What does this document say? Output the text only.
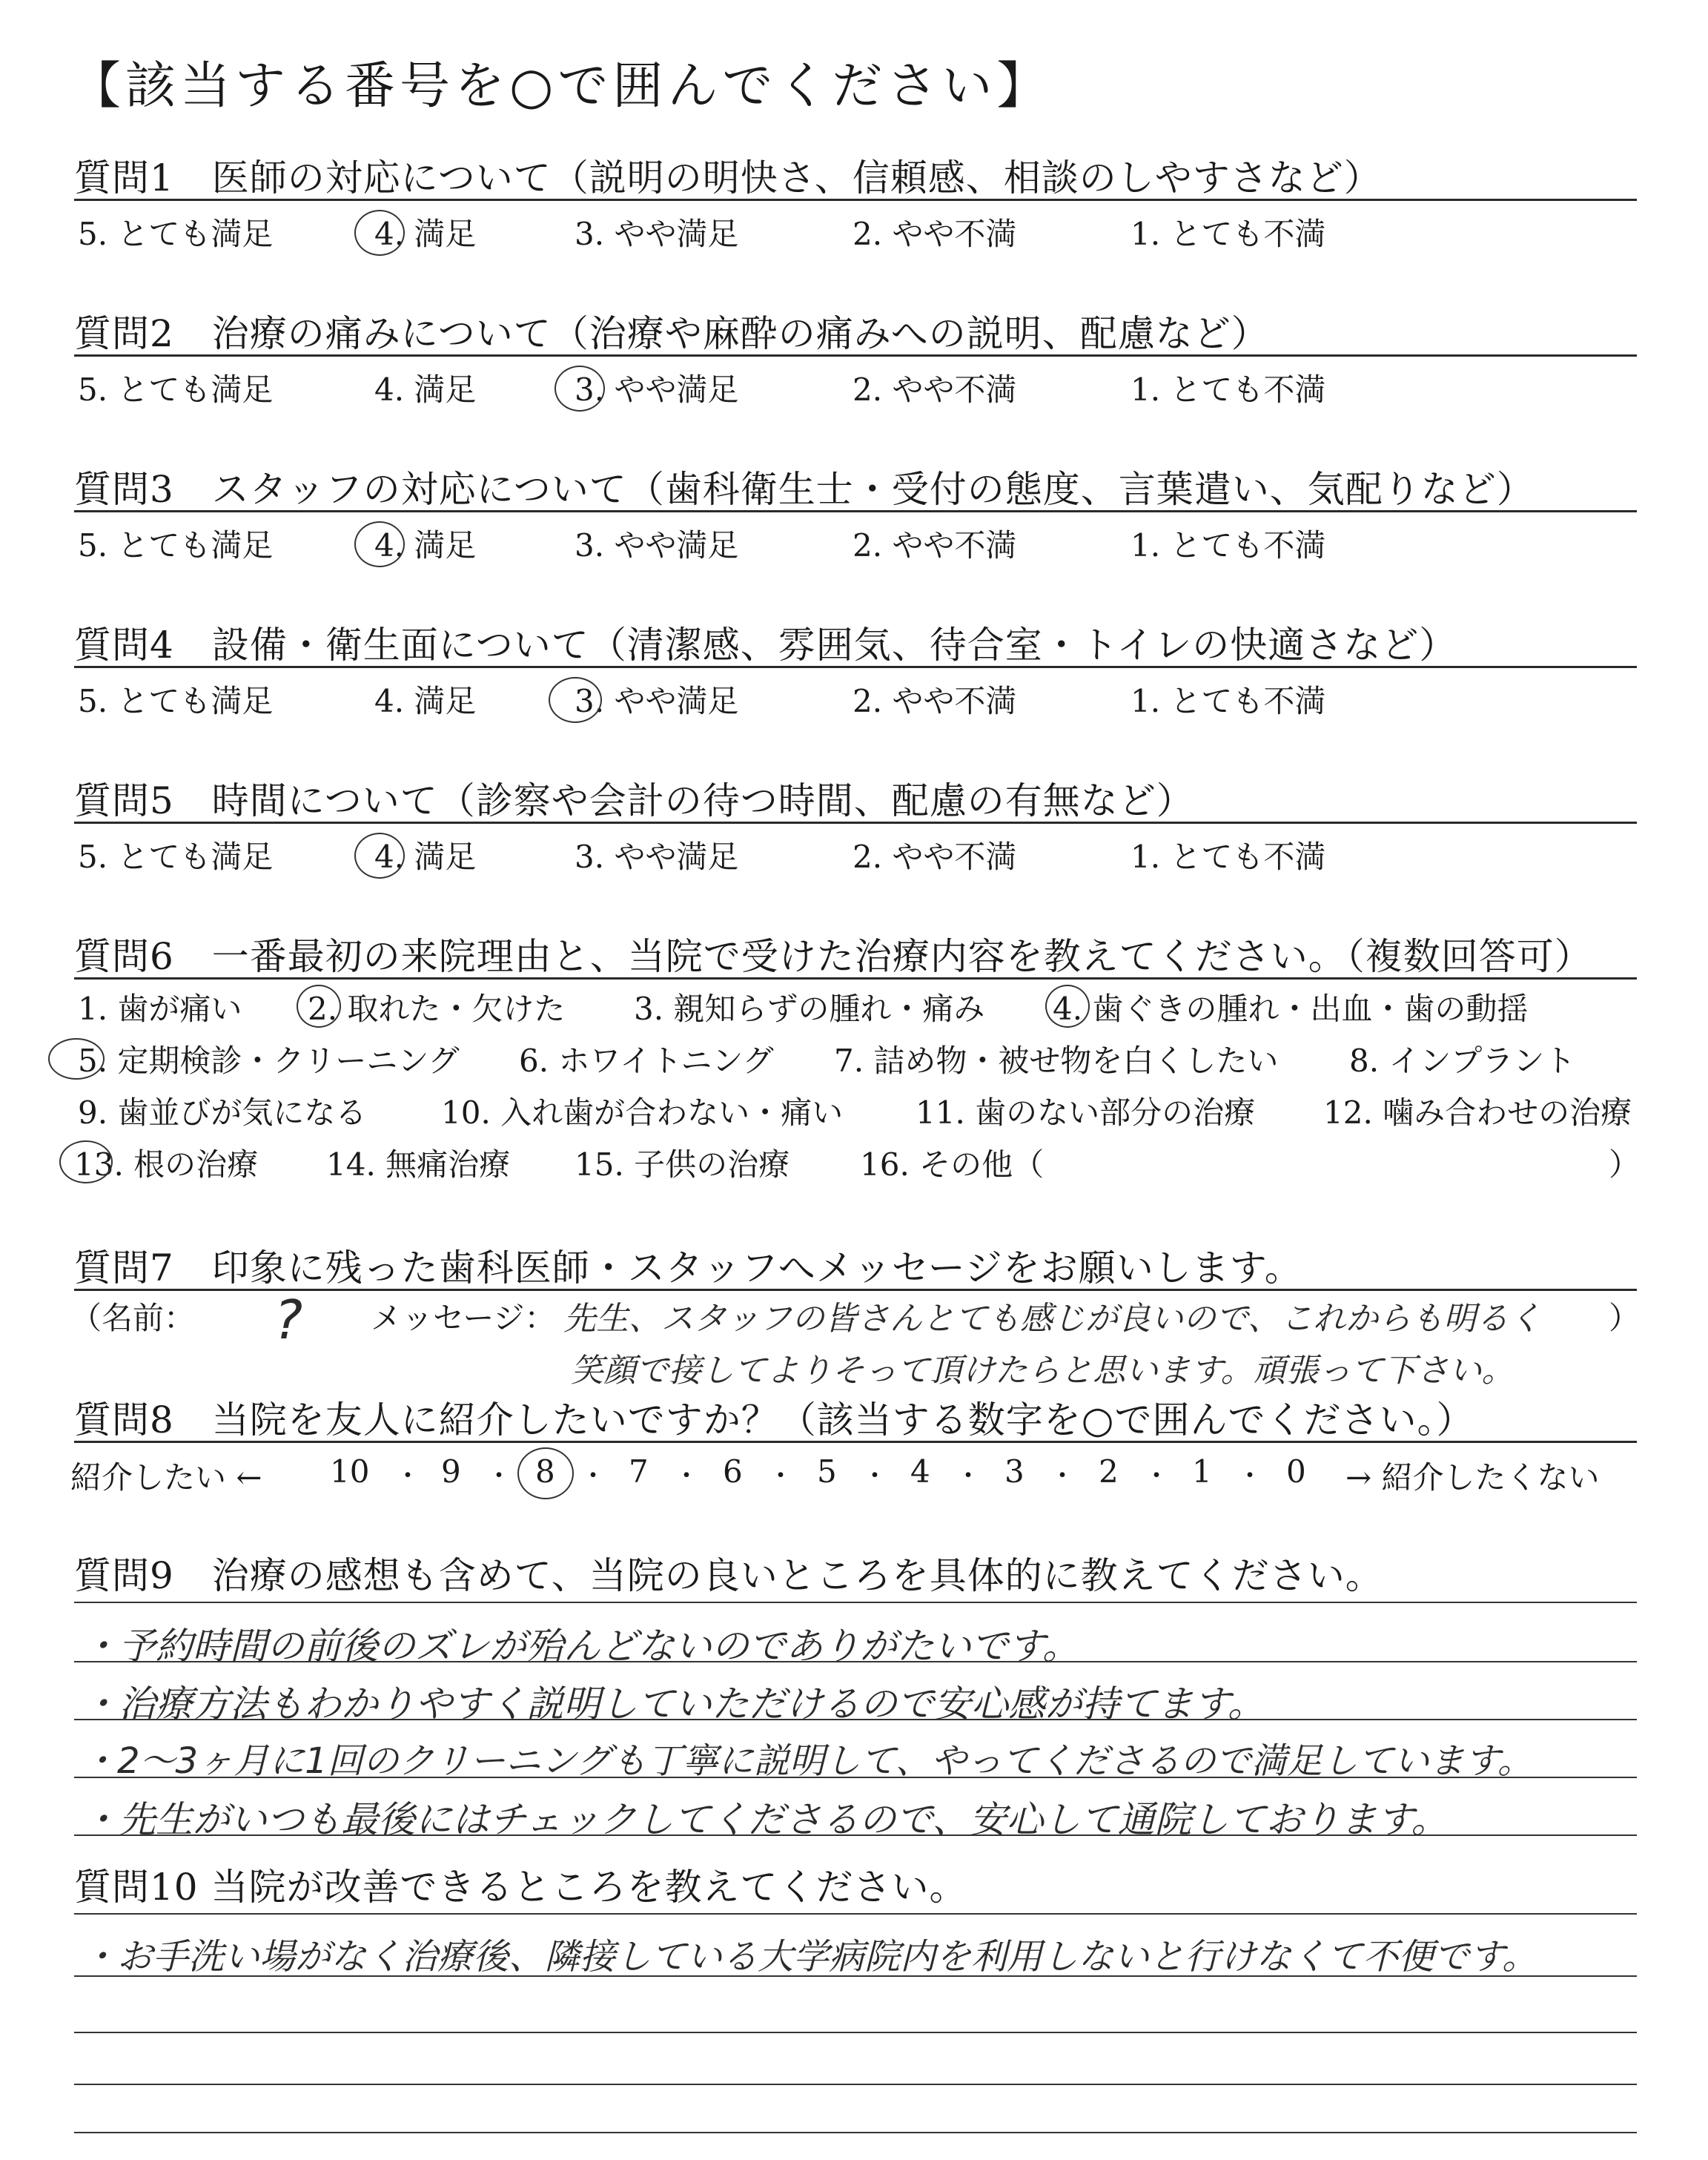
【該当する番号を○で囲んでください】
質問1　医師の対応について（説明の明快さ、信頼感、相談のしやすさなど）
5. とても満足	4. 満足	3. やや満足	2. やや不満	1. とても不満
質問2　治療の痛みについて（治療や麻酔の痛みへの説明、配慮など）
5. とても満足	4. 満足	3. やや満足	2. やや不満	1. とても不満
質問3　スタッフの対応について（歯科衛生士・受付の態度、言葉遣い、気配りなど）
5. とても満足	4. 満足	3. やや満足	2. やや不満	1. とても不満
質問4　設備・衛生面について（清潔感、雰囲気、待合室・トイレの快適さなど）
5. とても満足	4. 満足	3. やや満足	2. やや不満	1. とても不満
質問5　時間について（診察や会計の待つ時間、配慮の有無など）
5. とても満足	4. 満足	3. やや満足	2. やや不満	1. とても不満
質問6　一番最初の来院理由と、当院で受けた治療内容を教えてください。（複数回答可）
1. 歯が痛い 2. 取れた・欠けた 3. 親知らずの腫れ・痛み 4. 歯ぐきの腫れ・出血・歯の動揺
5. 定期検診・クリーニング 6. ホワイトニング 7. 詰め物・被せ物を白くしたい 8. インプラント
9. 歯並びが気になる 10. 入れ歯が合わない・痛い 11. 歯のない部分の治療 12. 噛み合わせの治療
13. 根の治療 14. 無痛治療 15. 子供の治療 16. その他（	）
質問7　印象に残った歯科医師・スタッフへメッセージをお願いします。
（名前： ? メッセージ： 先生、スタッフの皆さんとても感じが良いので、これからも明るく ）
笑顔で接してよりそって頂けたらと思います。頑張って下さい。
質問8　当院を友人に紹介したいですか？（該当する数字を○で囲んでください。）
紹介したい ← 10 ・ 9 ・ 8 ・ 7 ・ 6 ・ 5 ・ 4 ・ 3 ・ 2 ・ 1 ・ 0 → 紹介したくない
質問9　治療の感想も含めて、当院の良いところを具体的に教えてください。
・予約時間の前後のズレが殆んどないのでありがたいです。
・治療方法もわかりやすく説明していただけるので安心感が持てます。
・2〜3ヶ月に1回のクリーニングも丁寧に説明して、やってくださるので満足しています。
・先生がいつも最後にはチェックしてくださるので、安心して通院しております。
質問10 当院が改善できるところを教えてください。
・お手洗い場がなく治療後、隣接している大学病院内を利用しないと行けなくて不便です。
